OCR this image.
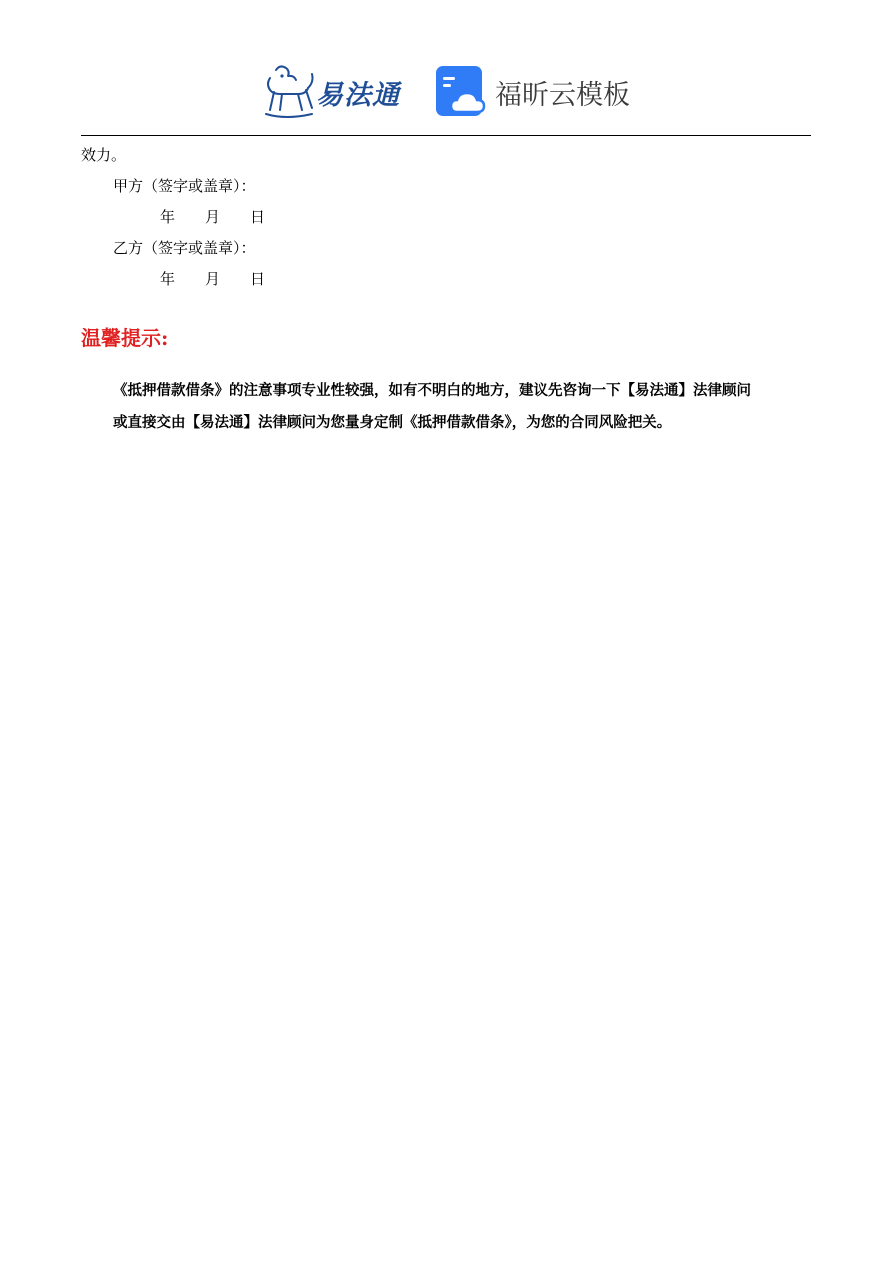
易法通	福昕云模板
效力。
甲方（签字或盖章）：
年　　月　　日
乙方（签字或盖章）：
年　　月　　日
温馨提示:
《抵押借款借条》的注意事项专业性较强，如有不明白的地方，建议先咨询一下【易法通】法律顾问
或直接交由【易法通】法律顾问为您量身定制《抵押借款借条》，为您的合同风险把关。
